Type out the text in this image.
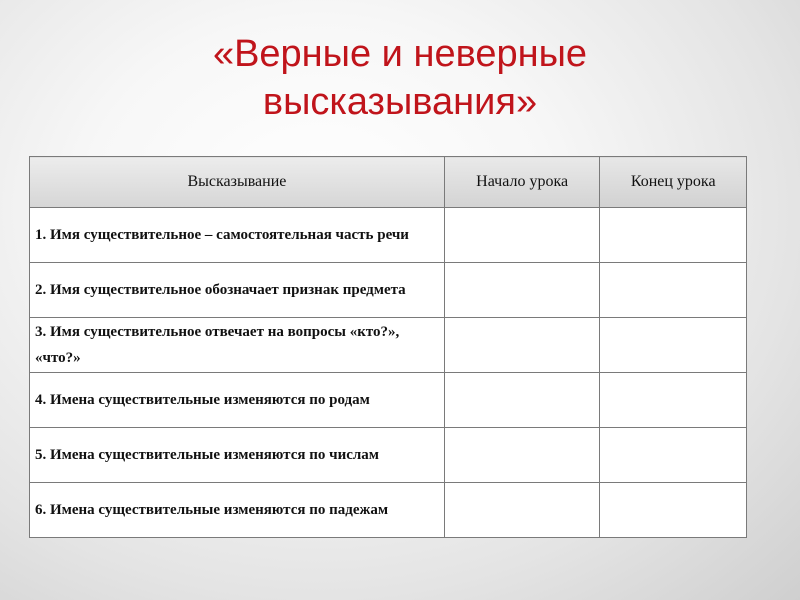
«Верные и неверные
высказывания»
Высказывание	Начало урока	Конец урока
1. Имя существительное – самостоятельная часть речи		
2. Имя существительное обозначает признак предмета		
3. Имя существительное отвечает на вопросы «кто?», «что?»		
4. Имена существительные изменяются по родам		
5. Имена существительные изменяются по числам		
6. Имена существительные изменяются по падежам		
